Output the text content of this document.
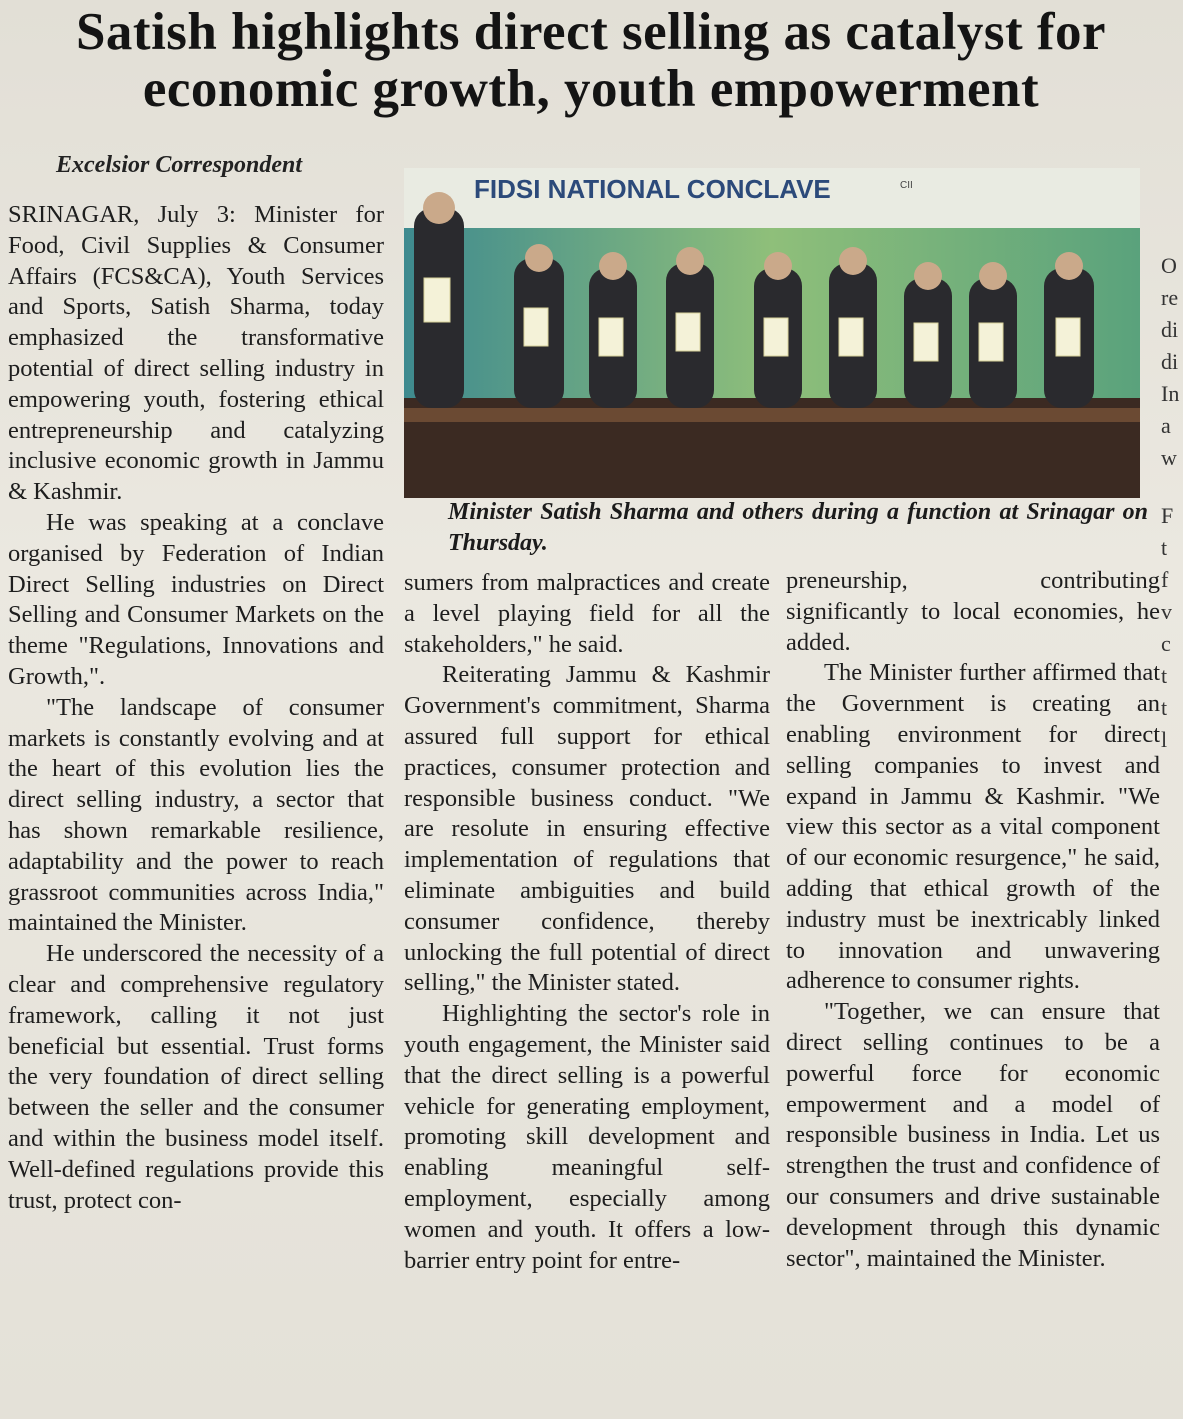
Satish highlights direct selling as catalyst for
economic growth, youth empowerment
Excelsior Correspondent
FIDSI NATIONAL CONCLAVE	CII
Minister Satish Sharma and others during a function at Srinagar on Thursday.

SRINAGAR, July 3: Minister for Food, Civil Supplies & Consumer Affairs (FCS&CA), Youth Services and Sports, Satish Sharma, today emphasized the transformative potential of direct selling industry in empowering youth, fostering ethical entrepreneurship and catalyzing inclusive economic growth in Jammu & Kashmir.

He was speaking at a conclave organised by Federation of Indian Direct Selling industries on Direct Selling and Consumer Markets on the theme "Regulations, Innovations and Growth,".

"The landscape of consumer markets is constantly evolving and at the heart of this evolution lies the direct selling industry, a sector that has shown remarkable resilience, adaptability and the power to reach grassroot communities across India," maintained the Minister.

He underscored the necessity of a clear and comprehensive regulatory framework, calling it not just beneficial but essential. Trust forms the very foundation of direct selling between the seller and the consumer and within the business model itself. Well-defined regulations provide this trust, protect con-

sumers from malpractices and create a level playing field for all the stakeholders," he said.

Reiterating Jammu & Kashmir Government's commitment, Sharma assured full support for ethical practices, consumer protection and responsible business conduct. "We are resolute in ensuring effective implementation of regulations that eliminate ambiguities and build consumer confidence, thereby unlocking the full potential of direct selling," the Minister stated.

Highlighting the sector's role in youth engagement, the Minister said that the direct selling is a powerful vehicle for generating employment, promoting skill development and enabling meaningful self-employment, especially among women and youth. It offers a low-barrier entry point for entre-

preneurship, contributing significantly to local economies, he added.

The Minister further affirmed that the Government is creating an enabling environment for direct selling companies to invest and expand in Jammu & Kashmir. "We view this sector as a vital component of our economic resurgence," he said, adding that ethical growth of the industry must be inextricably linked to innovation and unwavering adherence to consumer rights.

"Together, we can ensure that direct selling continues to be a powerful force for economic empowerment and a model of responsible business in India. Let us strengthen the trust and confidence of our consumers and drive sustainable development through this dynamic sector", maintained the Minister.

O
re
di
di
In
a
w
F
t
f
v
c
t
t
l
